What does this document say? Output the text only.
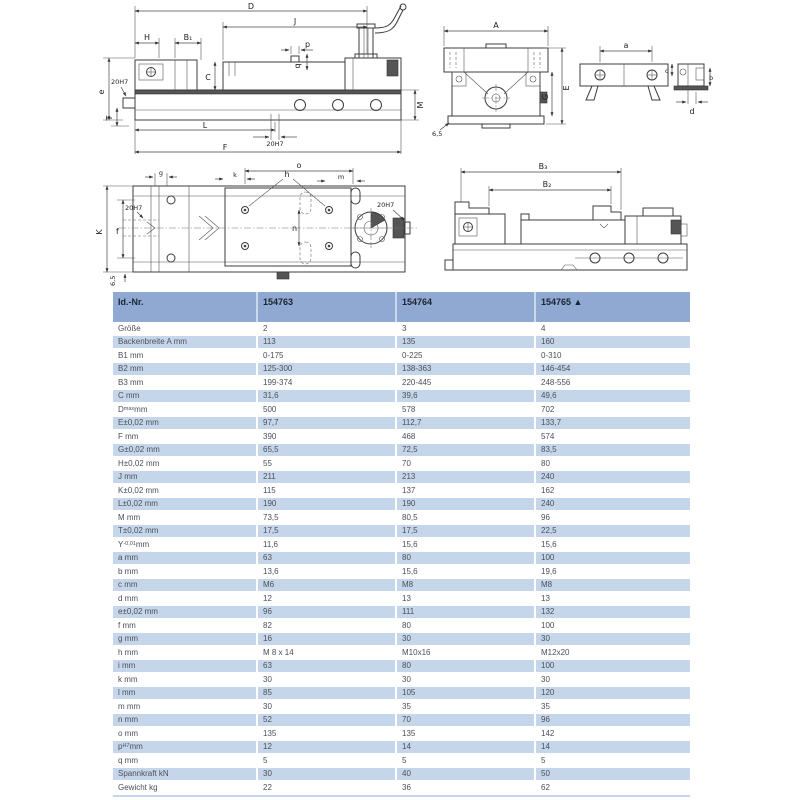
D
J
H	B₁
C
p
q
e
20H7
T
M
L
20H7
F
A
E
G
6,5
a
c
b
d
o
g	k	h	m
K f
20H7
6,5
n
20H7
B₃
B₂
Id.-Nr.	154763	154764	154765 ▲
Größe	2	3	4
Backenbreite A mm	113	135	160
B1 mm	0-175	0-225	0-310
B2 mm	125-300	138-363	146-454
B3 mm	199-374	220-445	248-556
C mm	31,6	39,6	49,6
D max mm	500	578	702
E±0,02 mm	97,7	112,7	133,7
F mm	390	468	574
G±0,02 mm	65,5	72,5	83,5
H±0,02 mm	55	70	80
J mm	211	213	240
K±0,02 mm	115	137	162
L±0,02 mm	190	190	240
M mm	73,5	80,5	96
T±0,02 mm	17,5	17,5	22,5
Y -0,01 mm	11,6	15,6	15,6
a mm	63	80	100
b mm	13,6	15,6	19,6
c mm	M6	M8	M8
d mm	12	13	13
e±0,02 mm	96	111	132
f mm	82	80	100
g mm	16	30	30
h mm	M 8 x 14	M10x16	M12x20
i mm	63	80	100
k mm	30	30	30
l mm	85	105	120
m mm	30	35	35
n mm	52	70	96
o mm	135	135	142
p H7 mm	12	14	14
q mm	5	5	5
Spannkraft kN	30	40	50
Gewicht kg	22	36	62
